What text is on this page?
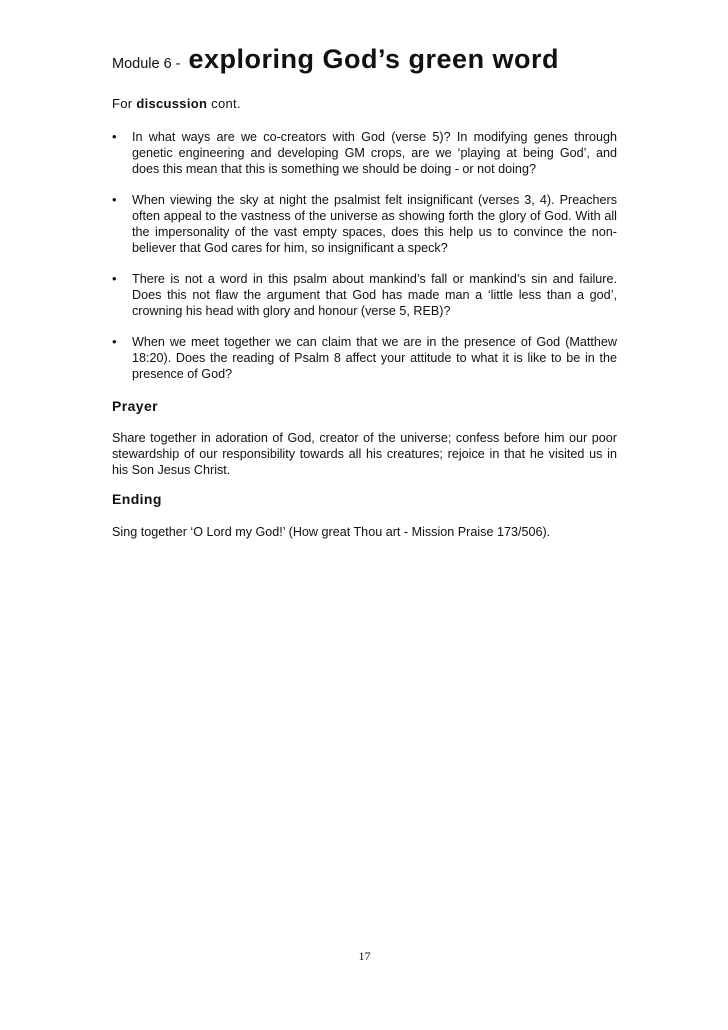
Module 6 - exploring God’s green word
For discussion cont.
• In what ways are we co-creators with God (verse 5)? In modifying genes through genetic engineering and developing GM crops, are we ‘playing at being God’, and does this mean that this is something we should be doing - or not doing?
• When viewing the sky at night the psalmist felt insignificant (verses 3, 4). Preachers often appeal to the vastness of the universe as showing forth the glory of God. With all the impersonality of the vast empty spaces, does this help us to convince the non-believer that God cares for him, so insignificant a speck?
• There is not a word in this psalm about mankind’s fall or mankind’s sin and failure. Does this not flaw the argument that God has made man a ‘little less than a god’, crowning his head with glory and honour (verse 5, REB)?
• When we meet together we can claim that we are in the presence of God (Matthew 18:20). Does the reading of Psalm 8 affect your attitude to what it is like to be in the presence of God?
Prayer
Share together in adoration of God, creator of the universe; confess before him our poor stewardship of our responsibility towards all his creatures; rejoice in that he visited us in his Son Jesus Christ.
Ending
Sing together ‘O Lord my God!’ (How great Thou art - Mission Praise 173/506).
17
